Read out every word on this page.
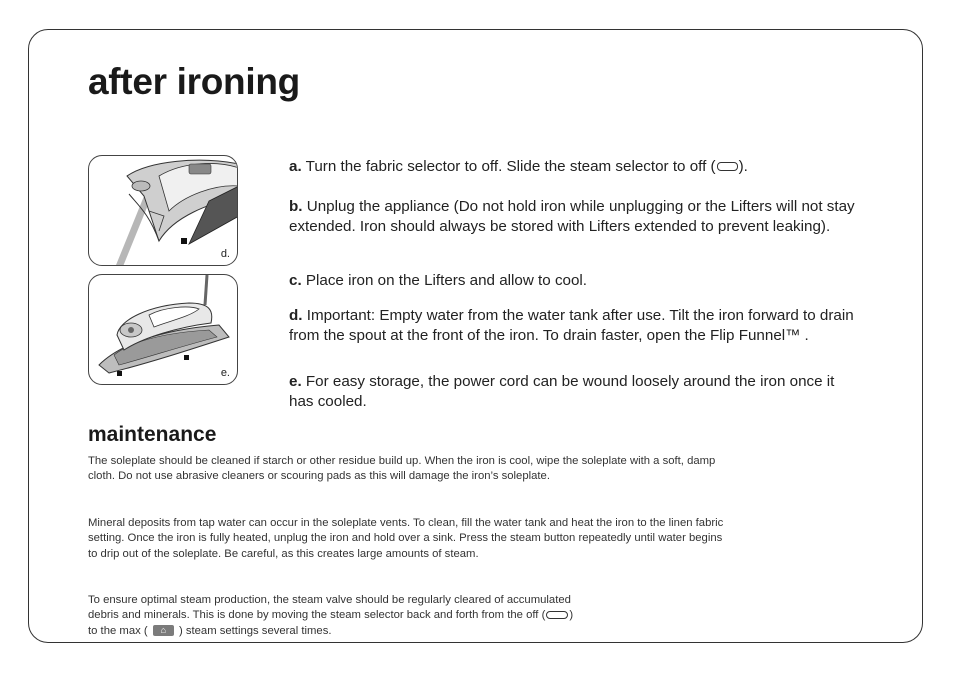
after ironing
d.
e.

a. Turn the fabric selector to off. Slide the steam selector to off ( ).

b. Unplug the appliance (Do not hold iron while unplugging or the Lifters will not stay extended. Iron should always be stored with Lifters extended to prevent leaking).

c. Place iron on the Lifters and allow to cool.

d. Important: Empty water from the water tank after use. Tilt the iron forward to drain from the spout at the front of the iron. To drain faster, open the Flip Funnel™ .

e. For easy storage, the power cord can be wound loosely around the iron once it has cooled.

maintenance

The soleplate should be cleaned if starch or other residue build up. When the iron is cool, wipe the soleplate with a soft, damp cloth. Do not use abrasive cleaners or scouring pads as this will damage the iron’s soleplate.

Mineral deposits from tap water can occur in the soleplate vents. To clean, fill the water tank and heat the iron to the linen fabric setting. Once the iron is fully heated, unplug the iron and hold over a sink. Press the steam button repeatedly until water begins to drip out of the soleplate. Be careful, as this creates large amounts of steam.

To ensure optimal steam production, the steam valve should be regularly cleared of accumulated
debris and minerals. This is done by moving the steam selector back and forth from the off ( )
to the max (	⌂	) steam settings several times.
